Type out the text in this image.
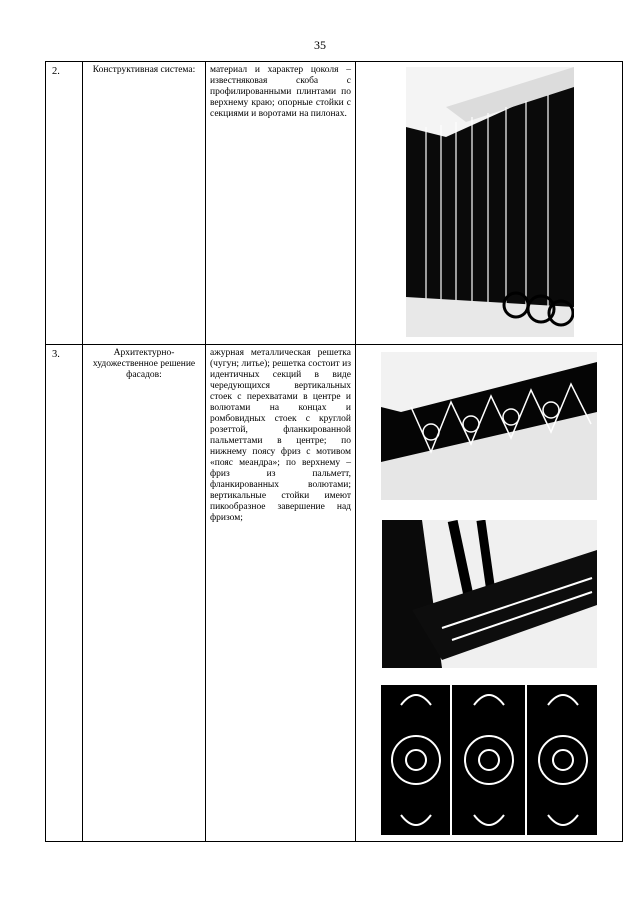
35
2.	Конструктивная система:	материал и характер цоколя – известняковая скоба с профилированными плинтами по верхнему краю; опорные стойки с секциями и воротами на пилонах.	

3.	Архитектурно-художественное решение фасадов:	ажурная металлическая решетка (чугун; литье); решетка состоит из идентичных секций в виде чередующихся вертикальных стоек с перехватами в центре и волютами на концах и ромбовидных стоек с круглой розеттой, фланкированной пальметтами в центре; по нижнему поясу фриз с мотивом «пояс меандра»; по верхнему – фриз из пальметт, фланкированных волютами; вертикальные стойки имеют пикообразное завершение над фризом;	
